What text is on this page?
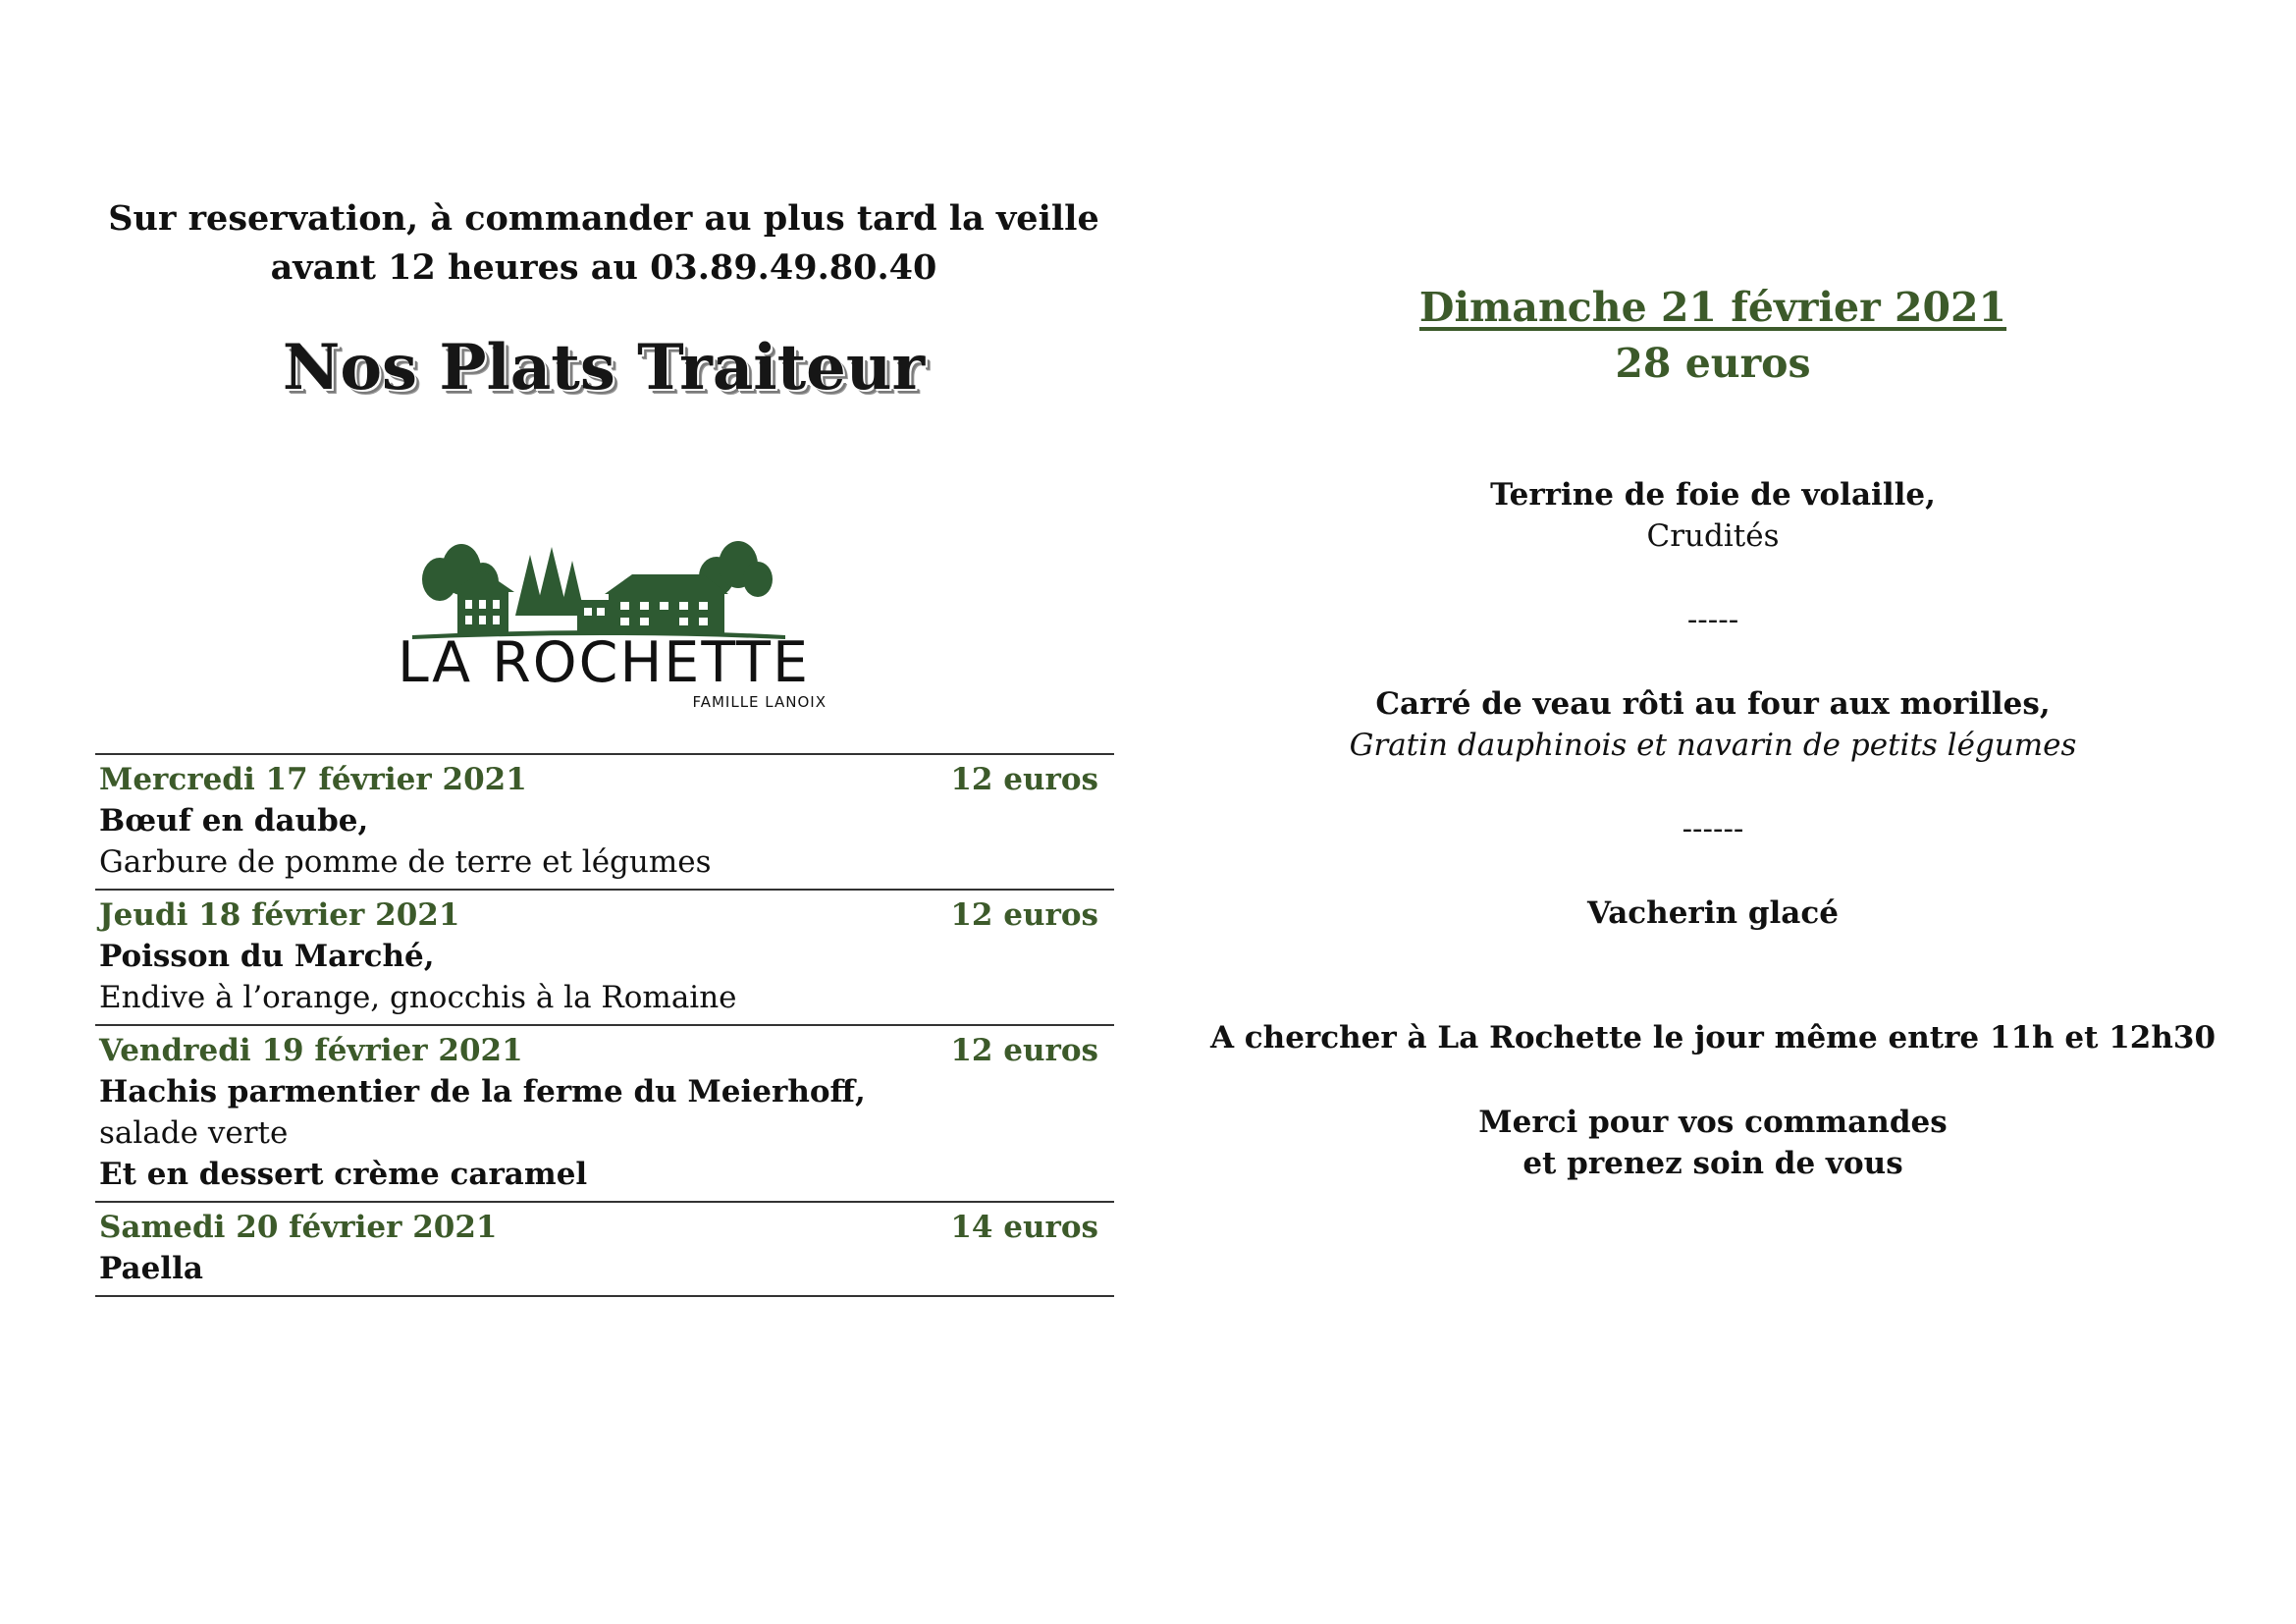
Sur reservation, à commander au plus tard la veille
avant 12 heures au 03.89.49.80.40
Nos Plats Traiteur
LA ROCHETTE
FAMILLE LANOIX
Mercredi 17 février 2021	12 euros
Bœuf en daube,
Garbure de pomme de terre et légumes
Jeudi 18 février 2021	12 euros
Poisson du Marché,
Endive à l’orange, gnocchis à la Romaine
Vendredi 19 février 2021	12 euros
Hachis parmentier de la ferme du Meierhoff,
salade verte
Et en dessert crème caramel
Samedi 20 février 2021	14 euros
Paella
Dimanche 21 février 2021
28 euros
Terrine de foie de volaille,
Crudités
-----
Carré de veau rôti au four aux morilles,
Gratin dauphinois et navarin de petits légumes
------
Vacherin glacé
A chercher à La Rochette le jour même entre 11h et 12h30
Merci pour vos commandes
et prenez soin de vous
